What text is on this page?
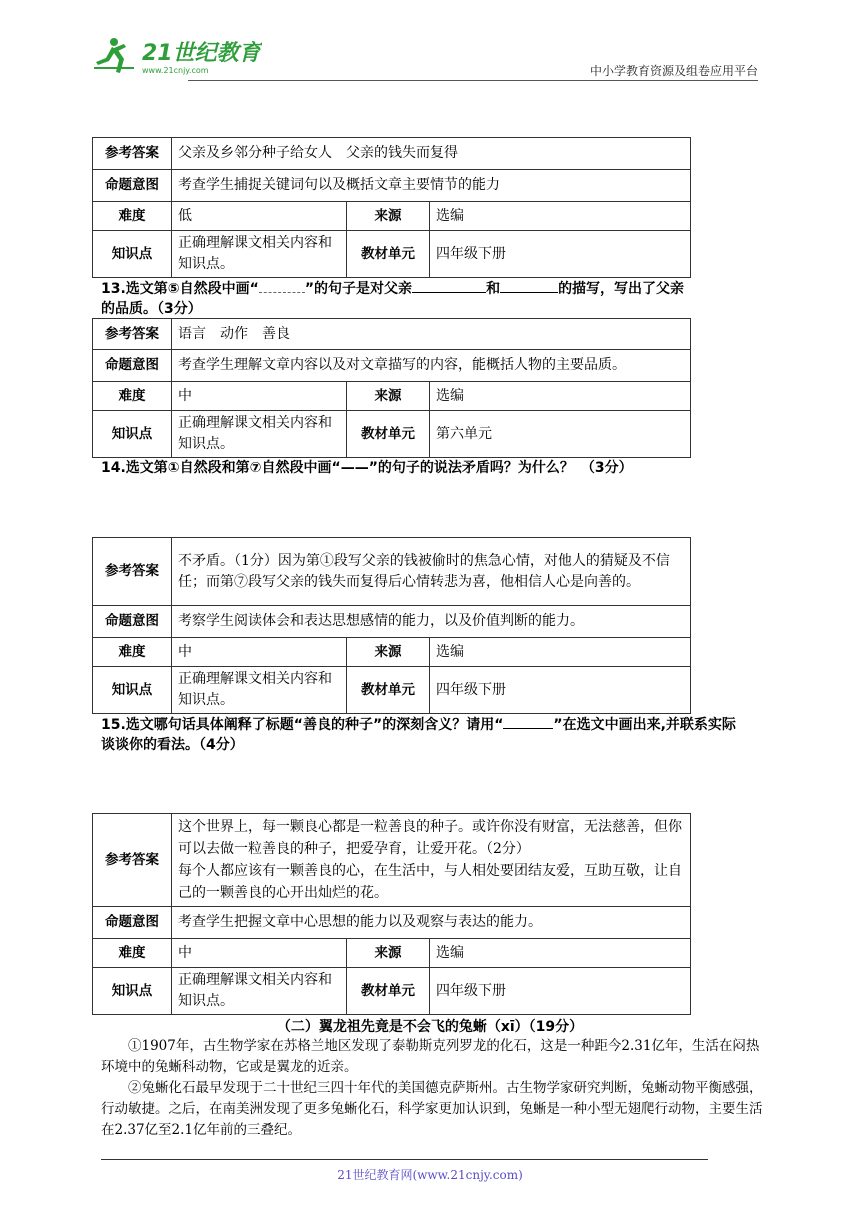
21世纪教育
www.21cnjy.com	中小学教育资源及组卷应用平台
参考答案	父亲及乡邻分种子给女人　父亲的钱失而复得		
命题意图	考查学生捕捉关键词句以及概括文章主要情节的能力		
难度	低	来源	选编
知识点	正确理解课文相关内容和知识点。	教材单元	四年级下册
13.选文第⑤自然段中画“	”的句子是对父亲	和	的描写，写出了父亲
的品质。（3分）
参考答案	语言　动作　善良		
命题意图	考查学生理解文章内容以及对文章描写的内容，能概括人物的主要品质。		
难度	中	来源	选编
知识点	正确理解课文相关内容和知识点。	教材单元	第六单元
14.选文第①自然段和第⑦自然段中画“——”的句子的说法矛盾吗？为什么？　（3分）
参考答案	不矛盾。（1分）因为第①段写父亲的钱被偷时的焦急心情，对他人的猜疑及不信任；而第⑦段写父亲的钱失而复得后心情转悲为喜，他相信人心是向善的。		
命题意图	考察学生阅读体会和表达思想感情的能力，以及价值判断的能力。		
难度	中	来源	选编
知识点	正确理解课文相关内容和知识点。	教材单元	四年级下册
15.选文哪句话具体阐释了标题“善良的种子”的深刻含义？请用“	”在选文中画出来,并联系实际谈谈你的看法。（4分）
参考答案	这个世界上，每一颗良心都是一粒善良的种子。或许你没有财富，无法慈善，但你可以去做一粒善良的种子，把爱孕育，让爱开花。（2分）
每个人都应该有一颗善良的心，在生活中，与人相处要团结友爱，互助互敬，让自己的一颗善良的心开出灿烂的花。		

命题意图	考查学生把握文章中心思想的能力以及观察与表达的能力。		
难度	中	来源	选编
知识点	正确理解课文相关内容和知识点。	教材单元	四年级下册
（二）翼龙祖先竟是不会飞的兔蜥（xī）（19分）
①1907年，古生物学家在苏格兰地区发现了泰勒斯克列罗龙的化石，这是一种距今2.31亿年，生活在闷热环境中的兔蜥科动物，它或是翼龙的近亲。
②兔蜥化石最早发现于二十世纪三四十年代的美国德克萨斯州。古生物学家研究判断，兔蜥动物平衡感强，行动敏捷。之后，在南美洲发现了更多兔蜥化石，科学家更加认识到，兔蜥是一种小型无翅爬行动物，主要生活在2.37亿至2.1亿年前的三叠纪。
21世纪教育网(www.21cnjy.com)
